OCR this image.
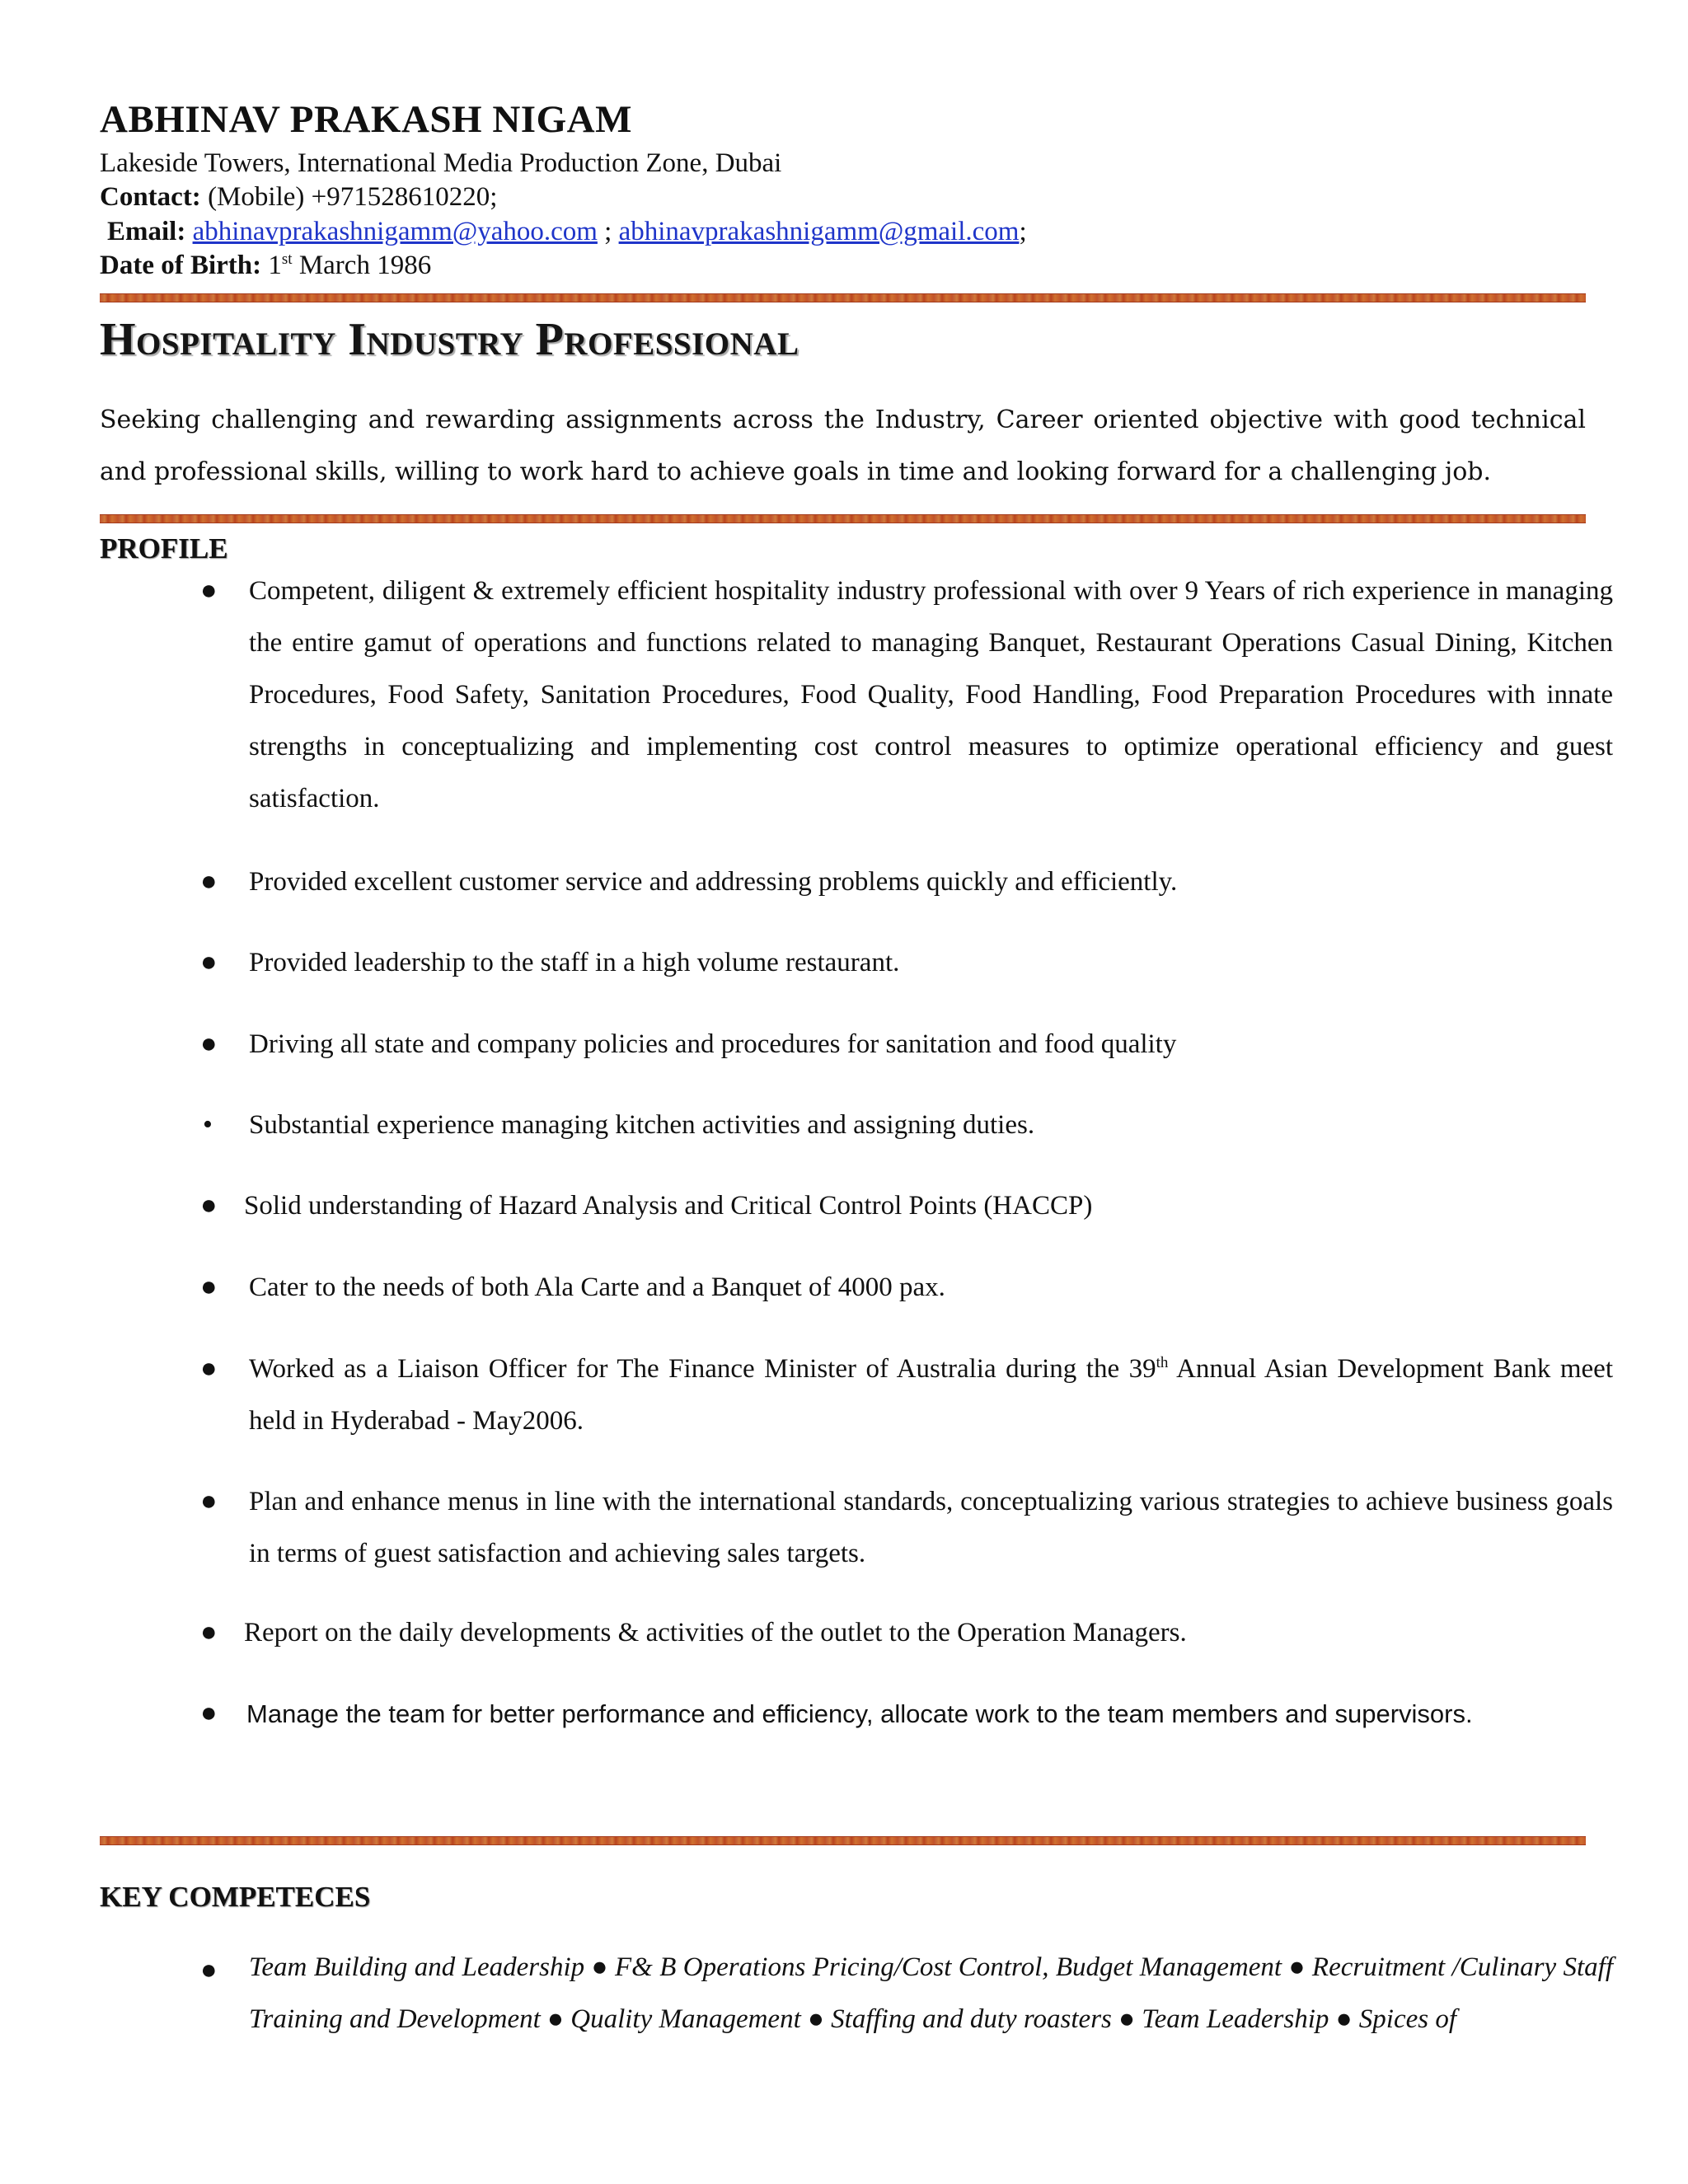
ABHINAV PRAKASH NIGAM
Lakeside Towers, International Media Production Zone, Dubai
Contact: (Mobile) +971528610220;
Email: abhinavprakashnigamm@yahoo.com ; abhinavprakashnigamm@gmail.com;
Date of Birth: 1st March 1986
Hospitality Industry Professional
Seeking challenging and rewarding assignments across the Industry, Career oriented objective with good technical and professional skills, willing to work hard to achieve goals in time and looking forward for a challenging job.
PROFILE
● Competent, diligent & extremely efficient hospitality industry professional with over 9 Years of rich experience in managing the entire gamut of operations and functions related to managing Banquet, Restaurant Operations Casual Dining, Kitchen Procedures, Food Safety, Sanitation Procedures, Food Quality, Food Handling, Food Preparation Procedures with innate strengths in conceptualizing and implementing cost control measures to optimize operational efficiency and guest satisfaction.
● Provided excellent customer service and addressing problems quickly and efficiently.
● Provided leadership to the staff in a high volume restaurant.
● Driving all state and company policies and procedures for sanitation and food quality
• Substantial experience managing kitchen activities and assigning duties.
● Solid understanding of Hazard Analysis and Critical Control Points (HACCP)
● Cater to the needs of both Ala Carte and a Banquet of 4000 pax.
● Worked as a Liaison Officer for The Finance Minister of Australia during the 39th Annual Asian Development Bank meet held in Hyderabad - May2006.
● Plan and enhance menus in line with the international standards, conceptualizing various strategies to achieve business goals in terms of guest satisfaction and achieving sales targets.
● Report on the daily developments & activities of the outlet to the Operation Managers.
● Manage the team for better performance and efficiency, allocate work to the team members and supervisors.
KEY COMPETECES
● Team Building and Leadership ● F& B Operations Pricing/Cost Control, Budget Management ● Recruitment /Culinary Staff Training and Development ● Quality Management ● Staffing and duty roasters ● Team Leadership ● Spices of
